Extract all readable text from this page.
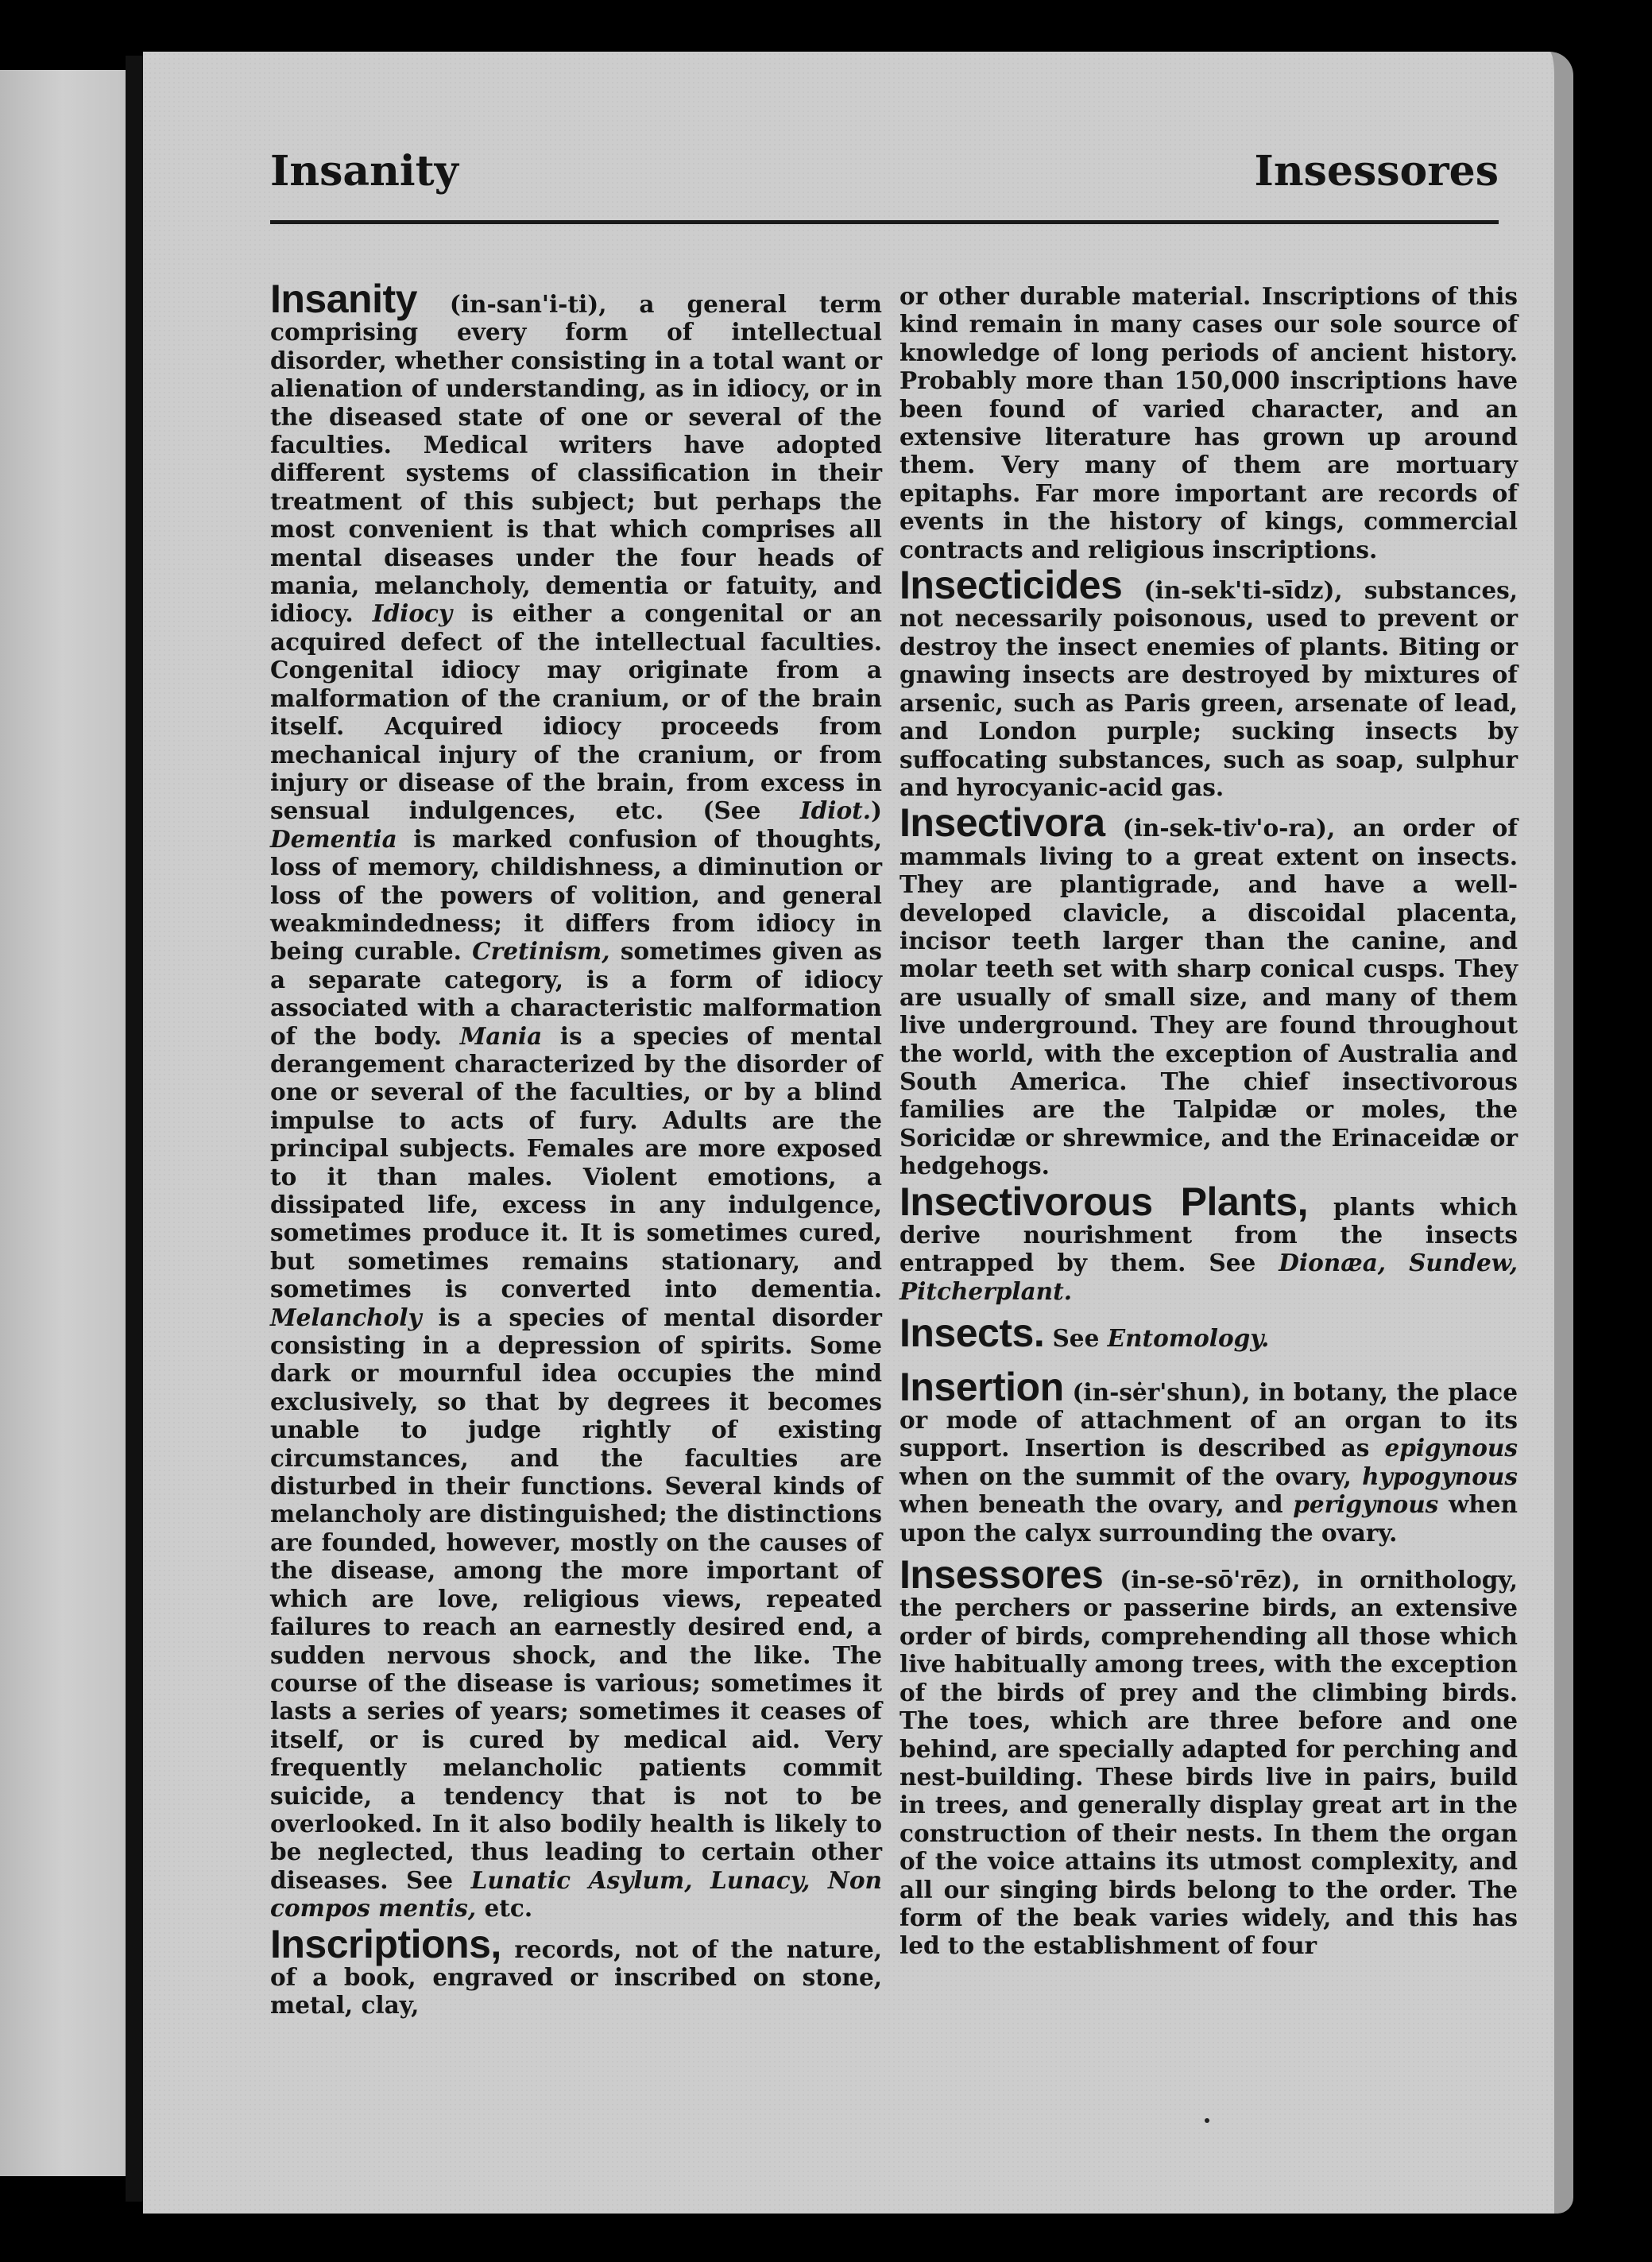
Insanity	Insessores
Insanity (in-san'i-ti), a general term comprising every form of intellectual disorder, whether consisting in a total want or alienation of understanding, as in idiocy, or in the diseased state of one or several of the faculties. Medical writers have adopted different systems of classification in their treatment of this subject; but perhaps the most convenient is that which comprises all mental diseases under the four heads of mania, melancholy, dementia or fatuity, and idiocy. Idiocy is either a congenital or an acquired defect of the intellectual faculties. Congenital idiocy may originate from a malformation of the cranium, or of the brain itself. Acquired idiocy proceeds from mechanical injury of the cranium, or from injury or disease of the brain, from excess in sensual indulgences, etc. (See Idiot.) Dementia is marked confusion of thoughts, loss of memory, childishness, a diminution or loss of the powers of volition, and general weakmindedness; it differs from idiocy in being curable. Cretinism, sometimes given as a separate category, is a form of idiocy associated with a characteristic malformation of the body. Mania is a species of mental derangement characterized by the disorder of one or several of the faculties, or by a blind impulse to acts of fury. Adults are the principal subjects. Females are more exposed to it than males. Violent emotions, a dissipated life, excess in any indulgence, sometimes produce it. It is sometimes cured, but sometimes remains stationary, and sometimes is converted into dementia. Melancholy is a species of mental disorder consisting in a depression of spirits. Some dark or mournful idea occupies the mind exclusively, so that by degrees it becomes unable to judge rightly of existing circumstances, and the faculties are disturbed in their functions. Several kinds of melancholy are distinguished; the distinctions are founded, however, mostly on the causes of the disease, among the more important of which are love, religious views, repeated failures to reach an earnestly desired end, a sudden nervous shock, and the like. The course of the disease is various; sometimes it lasts a series of years; sometimes it ceases of itself, or is cured by medical aid. Very frequently melancholic patients commit suicide, a tendency that is not to be overlooked. In it also bodily health is likely to be neglected, thus leading to certain other diseases. See Lunatic Asylum, Lunacy, Non compos mentis, etc.
Inscriptions, records, not of the nature, of a book, engraved or inscribed on stone, metal, clay,
or other durable material. Inscriptions of this kind remain in many cases our sole source of knowledge of long periods of ancient history. Probably more than 150,000 inscriptions have been found of varied character, and an extensive literature has grown up around them. Very many of them are mortuary epitaphs. Far more important are records of events in the history of kings, commercial contracts and religious inscriptions.
Insecticides (in-sek'ti-sīdz), substances, not necessarily poisonous, used to prevent or destroy the insect enemies of plants. Biting or gnawing insects are destroyed by mixtures of arsenic, such as Paris green, arsenate of lead, and London purple; sucking insects by suffocating substances, such as soap, sulphur and hyrocyanic-acid gas.
Insectivora (in-sek-tiv'o-ra), an order of mammals living to a great extent on insects. They are plantigrade, and have a well-developed clavicle, a discoidal placenta, incisor teeth larger than the canine, and molar teeth set with sharp conical cusps. They are usually of small size, and many of them live underground. They are found throughout the world, with the exception of Australia and South America. The chief insectivorous families are the Talpidæ or moles, the Soricidæ or shrewmice, and the Erinaceidæ or hedgehogs.
Insectivorous Plants, plants which derive nourishment from the insects entrapped by them. See Dionæa, Sundew, Pitcherplant.
Insects. See Entomology.
Insertion (in-sėr'shun), in botany, the place or mode of attachment of an organ to its support. Insertion is described as epigynous when on the summit of the ovary, hypogynous when beneath the ovary, and perigynous when upon the calyx surrounding the ovary.
Insessores (in-se-sō'rēz), in ornithology, the perchers or passerine birds, an extensive order of birds, comprehending all those which live habitually among trees, with the exception of the birds of prey and the climbing birds. The toes, which are three before and one behind, are specially adapted for perching and nest-building. These birds live in pairs, build in trees, and generally display great art in the construction of their nests. In them the organ of the voice attains its utmost complexity, and all our singing birds belong to the order. The form of the beak varies widely, and this has led to the establishment of four
